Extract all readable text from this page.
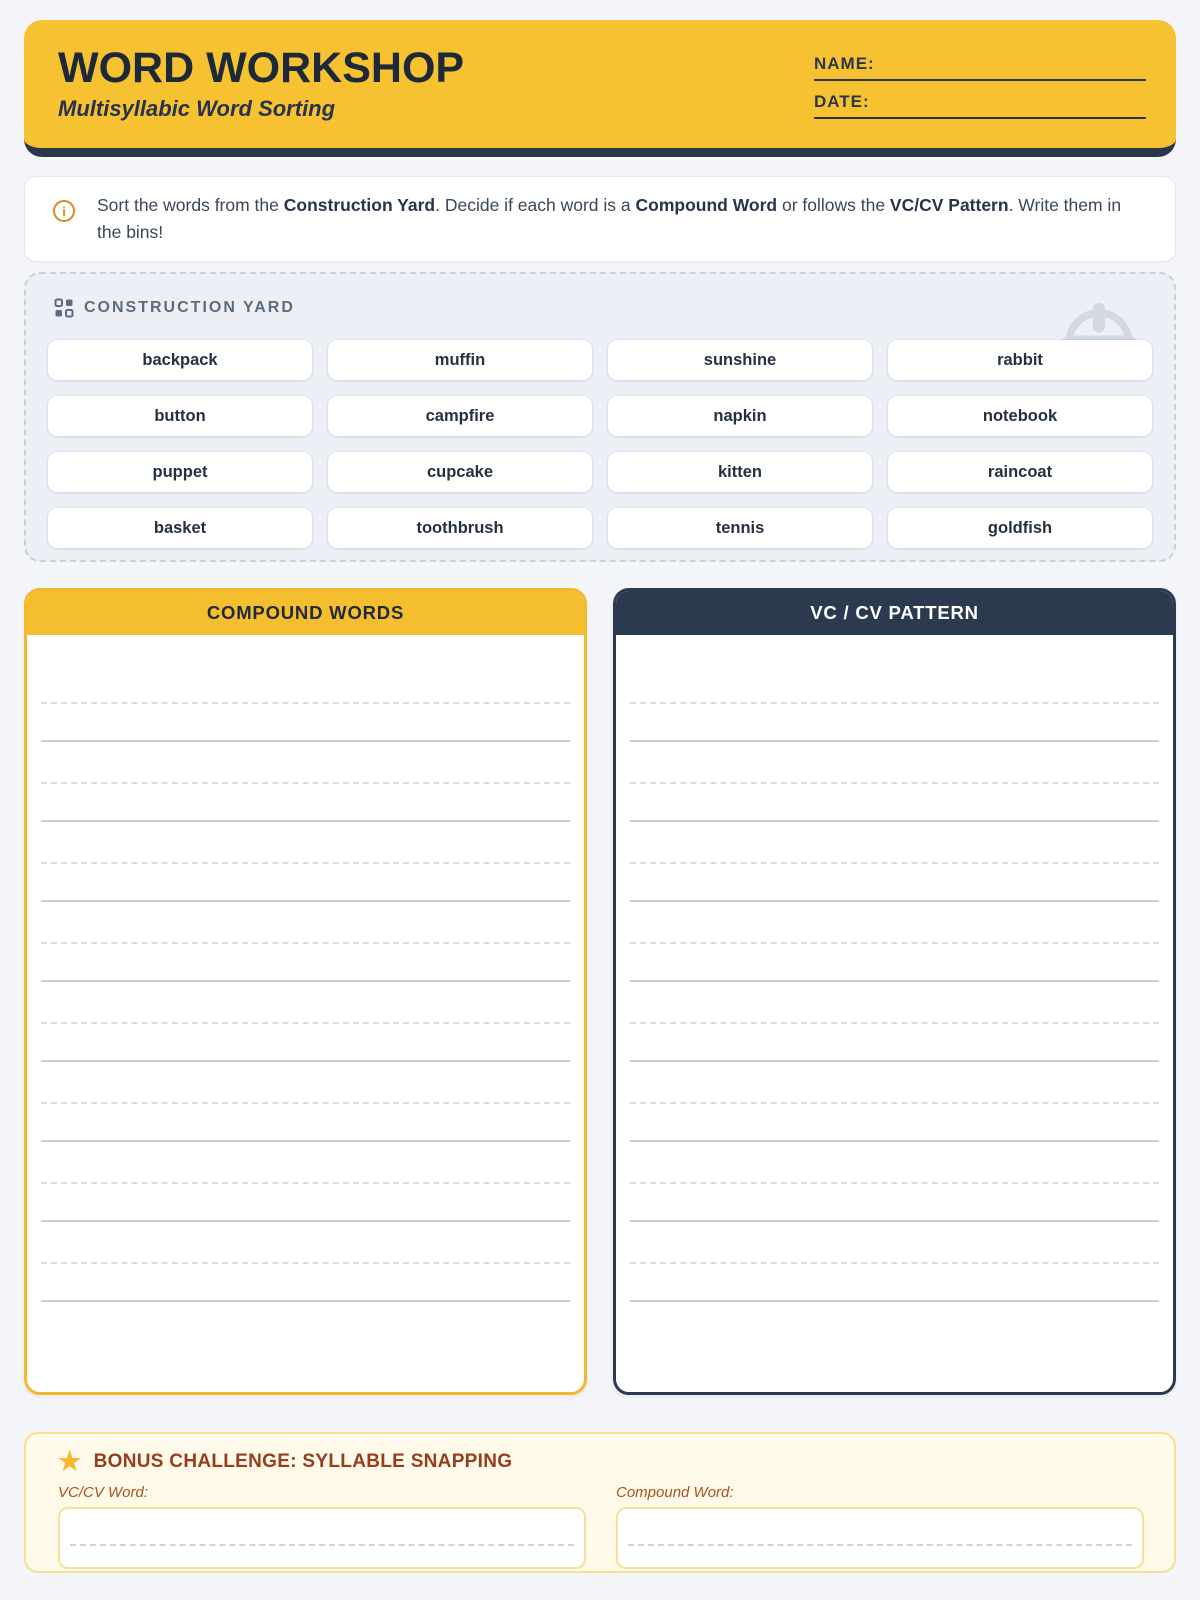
WORD WORKSHOP
Multisyllabic Word Sorting
NAME:
DATE:
i	Sort the words from the Construction Yard. Decide if each word is a Compound Word or follows the VC/CV Pattern. Write them in the bins!

CONSTRUCTION YARD
backpack	muffin	sunshine	rabbit
button	campfire	napkin	notebook
puppet	cupcake	kitten	raincoat
basket	toothbrush	tennis	goldfish
COMPOUND WORDS	VC / CV PATTERN
★ BONUS CHALLENGE: SYLLABLE SNAPPING
VC/CV Word:	Compound Word:
